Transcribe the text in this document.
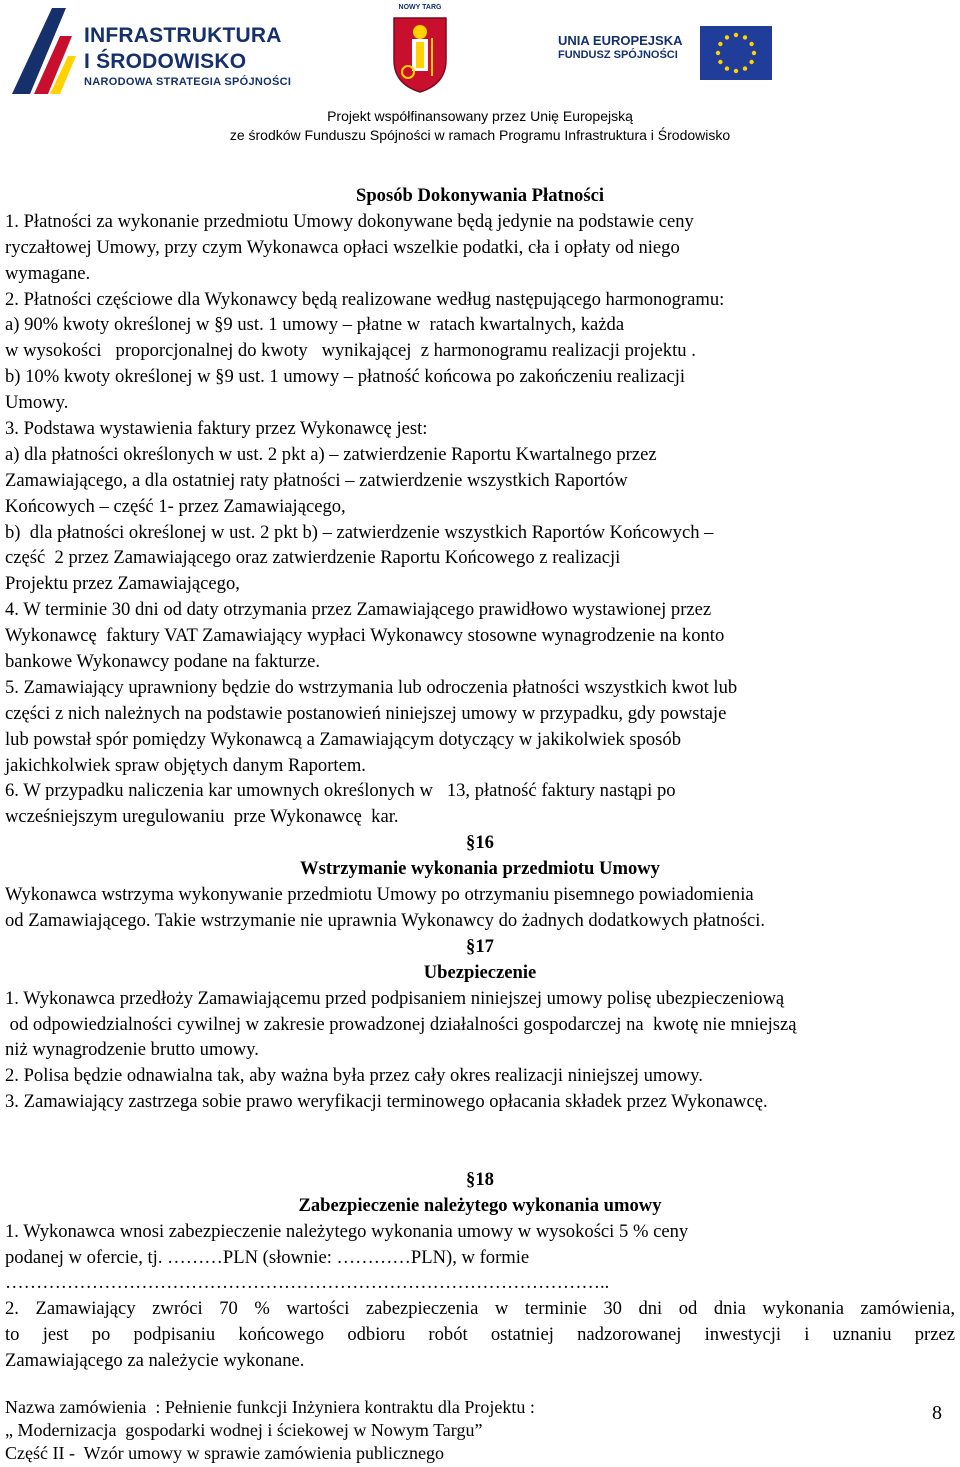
INFRASTRUKTURA
I ŚRODOWISKO
NARODOWA STRATEGIA SPÓJNOŚCI
NOWY TARG
UNIA EUROPEJSKA
FUNDUSZ SPÓJNOŚCI
Projekt współfinansowany przez Unię Europejską
ze środków Funduszu Spójności w ramach Programu Infrastruktura i Środowisko
Sposób Dokonywania Płatności
1. Płatności za wykonanie przedmiotu Umowy dokonywane będą jedynie na podstawie ceny
ryczałtowej Umowy, przy czym Wykonawca opłaci wszelkie podatki, cła i opłaty od niego
wymagane.
2. Płatności częściowe dla Wykonawcy będą realizowane według następującego harmonogramu:
a) 90% kwoty określonej w §9 ust. 1 umowy – płatne w  ratach kwartalnych, każda
w wysokości   proporcjonalnej do kwoty   wynikającej  z harmonogramu realizacji projektu .
b) 10% kwoty określonej w §9 ust. 1 umowy – płatność końcowa po zakończeniu realizacji
Umowy.
3. Podstawa wystawienia faktury przez Wykonawcę jest:
a) dla płatności określonych w ust. 2 pkt a) – zatwierdzenie Raportu Kwartalnego przez
Zamawiającego, a dla ostatniej raty płatności – zatwierdzenie wszystkich Raportów
Końcowych – część 1- przez Zamawiającego,
b)  dla płatności określonej w ust. 2 pkt b) – zatwierdzenie wszystkich Raportów Końcowych –
część  2 przez Zamawiającego oraz zatwierdzenie Raportu Końcowego z realizacji
Projektu przez Zamawiającego,
4. W terminie 30 dni od daty otrzymania przez Zamawiającego prawidłowo wystawionej przez
Wykonawcę  faktury VAT Zamawiający wypłaci Wykonawcy stosowne wynagrodzenie na konto
bankowe Wykonawcy podane na fakturze.
5. Zamawiający uprawniony będzie do wstrzymania lub odroczenia płatności wszystkich kwot lub
części z nich należnych na podstawie postanowień niniejszej umowy w przypadku, gdy powstaje
lub powstał spór pomiędzy Wykonawcą a Zamawiającym dotyczący w jakikolwiek sposób
jakichkolwiek spraw objętych danym Raportem.
6. W przypadku naliczenia kar umownych określonych w   13, płatność faktury nastąpi po
wcześniejszym uregulowaniu  prze Wykonawcę  kar.
§16
Wstrzymanie wykonania przedmiotu Umowy
Wykonawca wstrzyma wykonywanie przedmiotu Umowy po otrzymaniu pisemnego powiadomienia
od Zamawiającego. Takie wstrzymanie nie uprawnia Wykonawcy do żadnych dodatkowych płatności.
§17
Ubezpieczenie
1. Wykonawca przedłoży Zamawiającemu przed podpisaniem niniejszej umowy polisę ubezpieczeniową
od odpowiedzialności cywilnej w zakresie prowadzonej działalności gospodarczej na  kwotę nie mniejszą
niż wynagrodzenie brutto umowy.
2. Polisa będzie odnawialna tak, aby ważna była przez cały okres realizacji niniejszej umowy.
3. Zamawiający zastrzega sobie prawo weryfikacji terminowego opłacania składek przez Wykonawcę.
§18
Zabezpieczenie należytego wykonania umowy
1. Wykonawca wnosi zabezpieczenie należytego wykonania umowy w wysokości 5 % ceny
podanej w ofercie, tj. ………PLN (słownie: …………PLN), w formie
……………………………………………………………………………………..
2. Zamawiający zwróci 70 % wartości zabezpieczenia w terminie 30 dni od dnia wykonania zamówienia,
to jest po podpisaniu końcowego odbioru robót ostatniej nadzorowanej inwestycji i uznaniu przez
Zamawiającego za należycie wykonane.
Nazwa zamówienia  : Pełnienie funkcji Inżyniera kontraktu dla Projektu :
„ Modernizacja  gospodarki wodnej i ściekowej w Nowym Targu”
Część II -  Wzór umowy w sprawie zamówienia publicznego
8
